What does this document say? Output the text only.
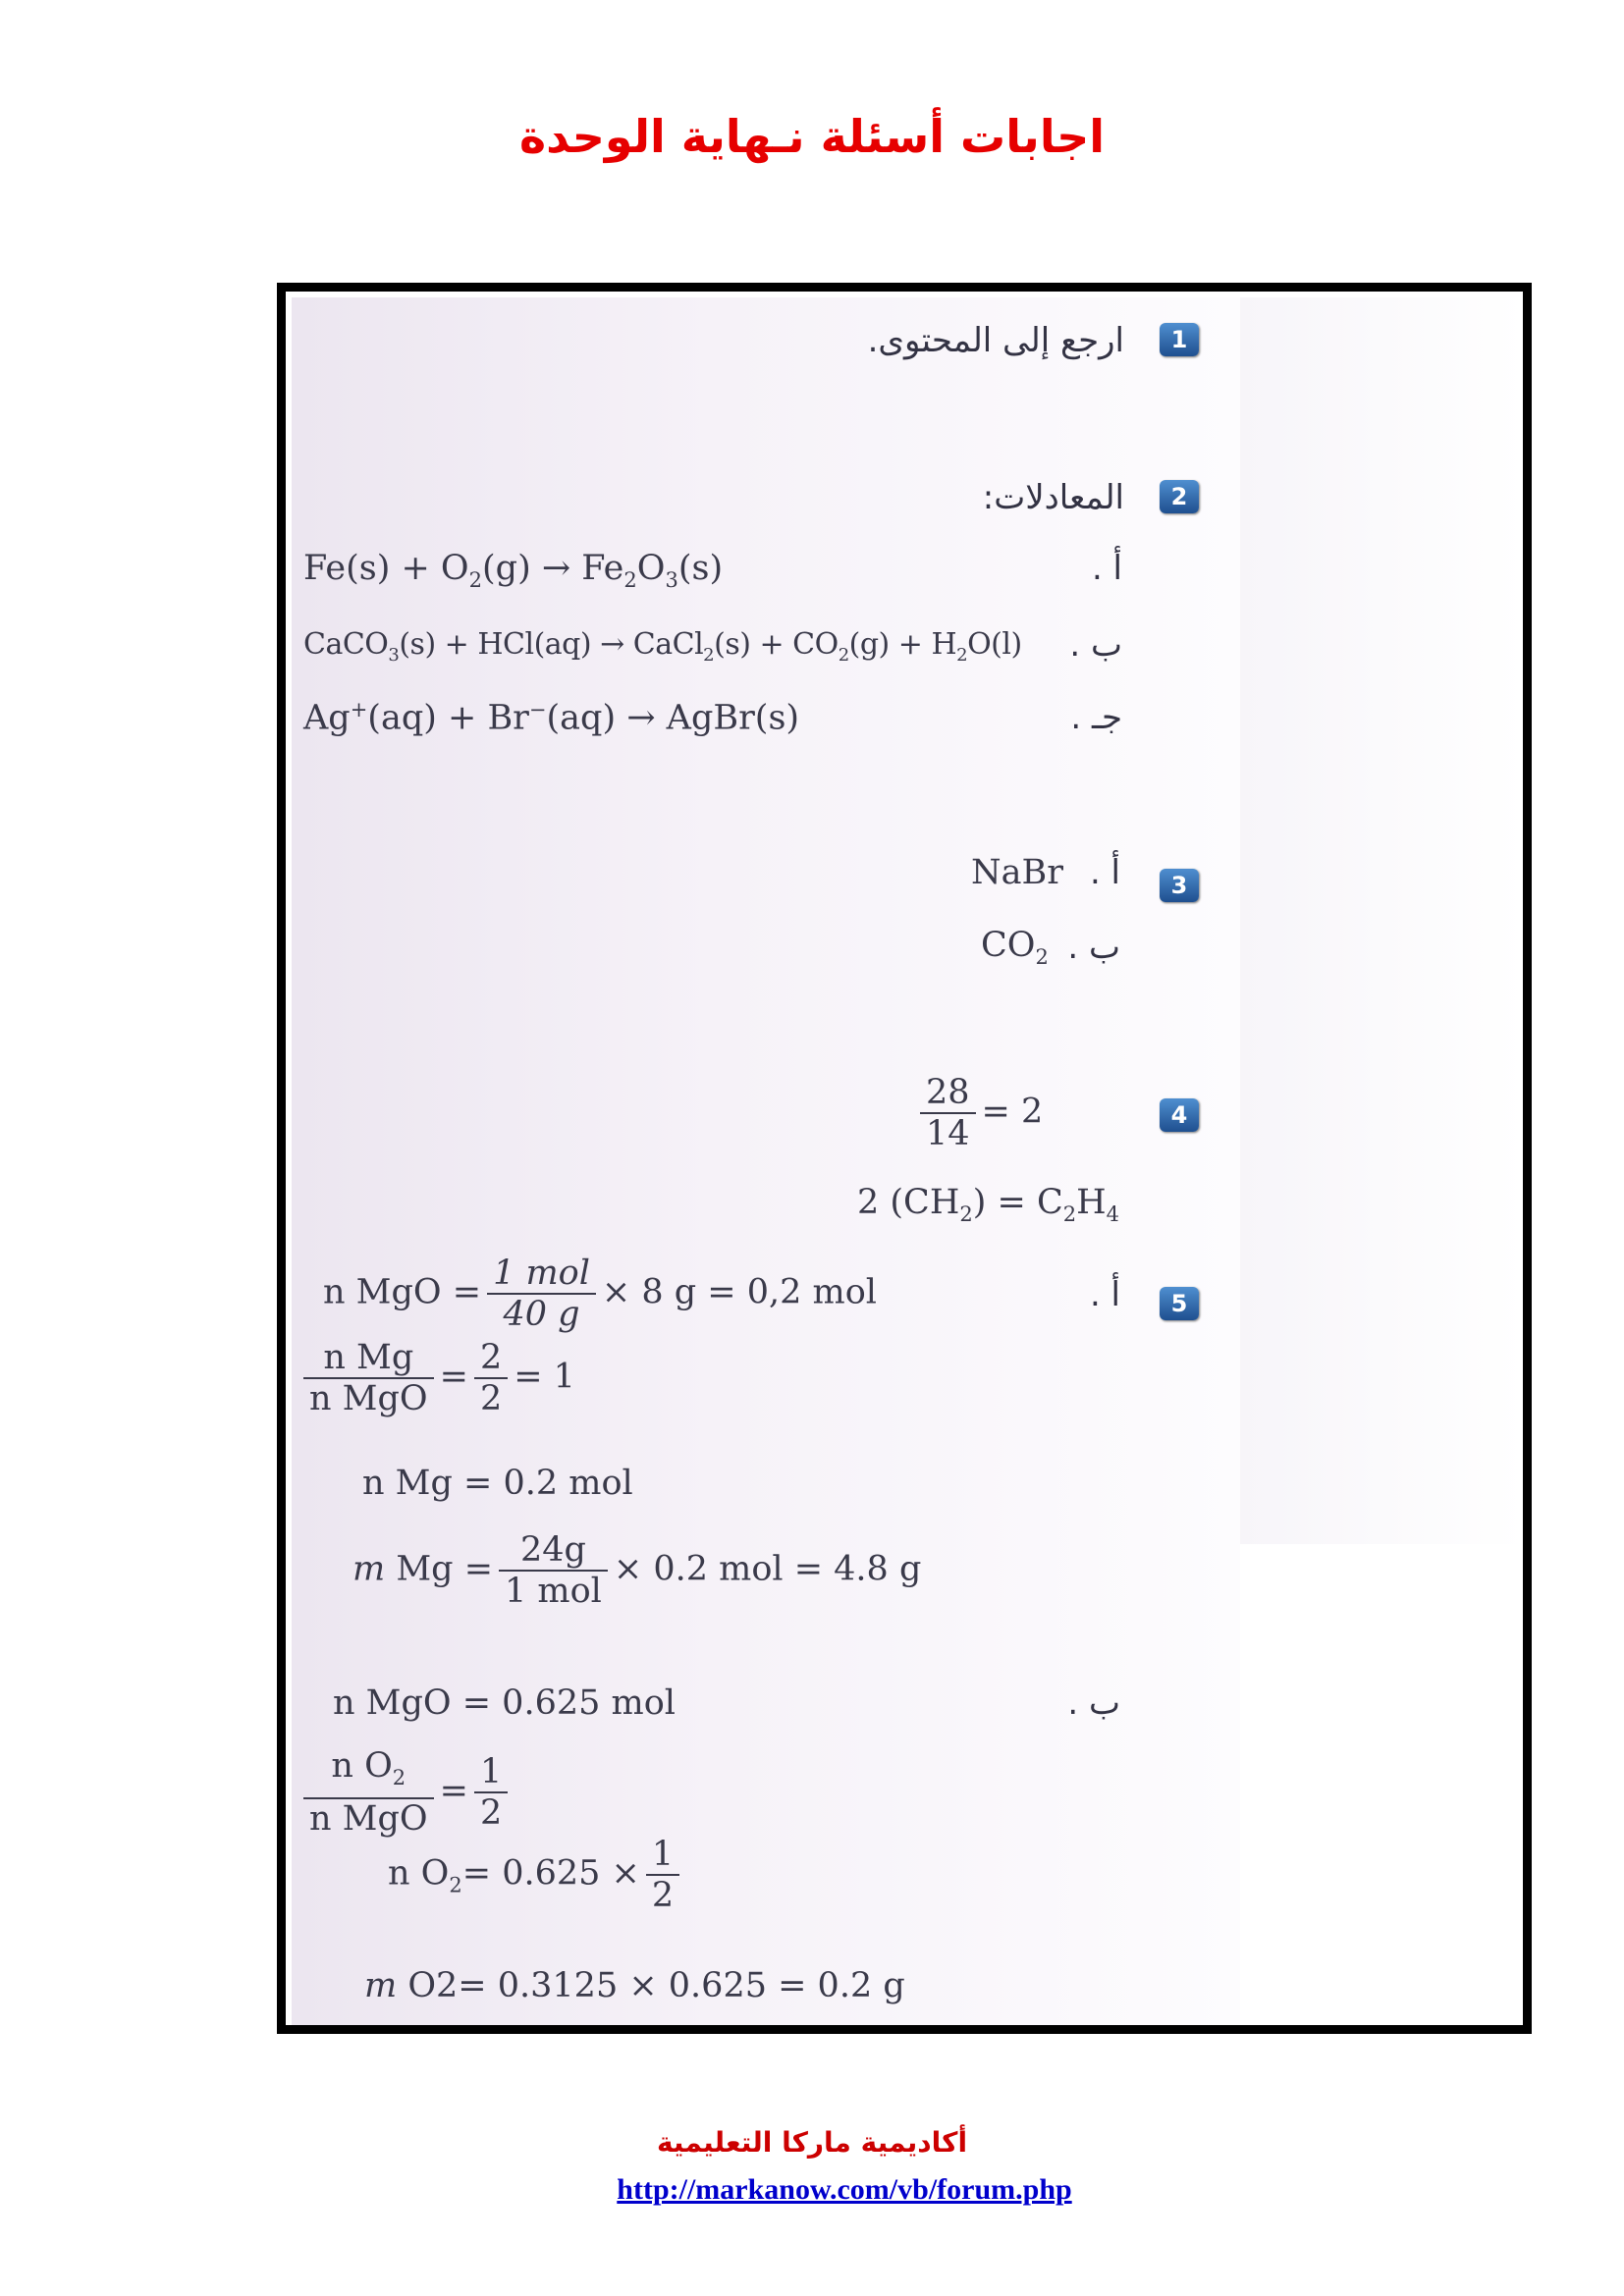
اجابات أسئلة نـهاية الوحدة
1
ارجع إلى المحتوى.
2
المعادلات:
أ .
$Fe(s) + O_2(g) \to Fe_2O_3(s)$
ب .
CaCO$_3$(s) + HCl(aq) → CaCl$_2$(s) + $CO_2(g) + H_2O(l)$
جـ .
Ag+(aq) + Br−(aq) → AgBr(s)
3
أ .
NaBr
ب .
$CO_2$
4
$\frac{28}{14} = 2$
2 $(CH_2) = C_2H_4$
5
أ .
n MgO = $\frac{\text{1 mol}}{40 g} \times 8$ g = 0,2 mol
$\frac{\text{n Mg}}{\text{n MgO}} = \frac{2}{2} = 1$
n Mg = 0.2 mol
m $Mg = \frac{24g}{\text{1 mol}} \times 0.2$ mol = 4.8 g
ب .
n MgO = 0.625 mol
$\frac{n O_2}{\text{n MgO}} = \frac{1}{2}$
n $O_2= 0.625 \times \frac{1}{2}$
m O2= 0.3125 × 0.625 = 0.2 g
أكاديمية ماركا التعليمية
http://markanow.com/vb/forum.php
